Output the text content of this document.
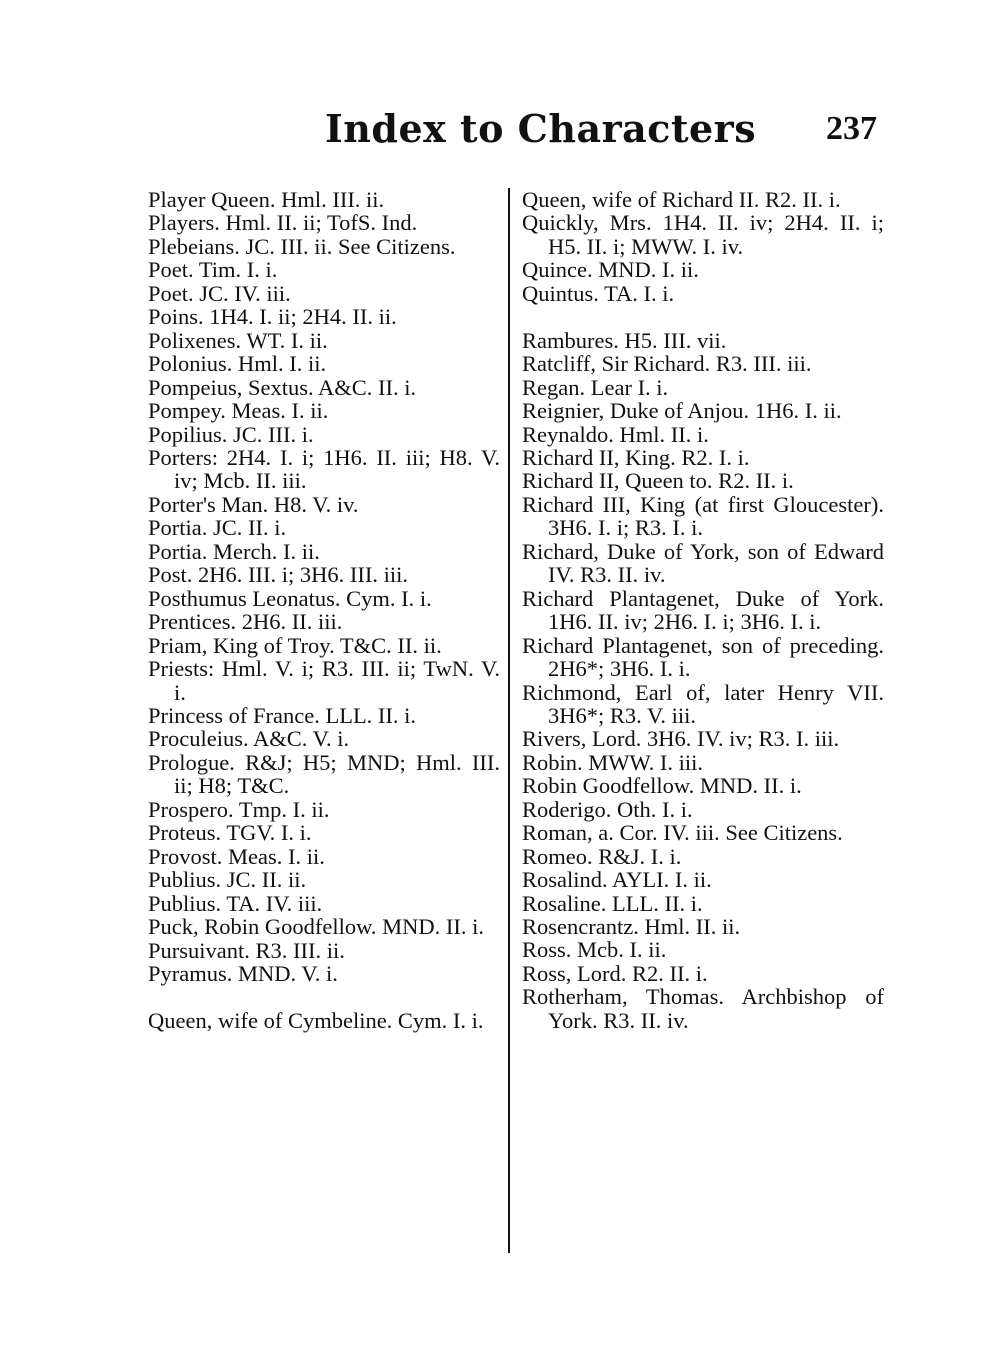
Index to Characters 237
Player Queen. Hml. III. ii.
Players. Hml. II. ii; TofS. Ind.
Plebeians. JC. III. ii. See Citizens.
Poet. Tim. I. i.
Poet. JC. IV. iii.
Poins. 1H4. I. ii; 2H4. II. ii.
Polixenes. WT. I. ii.
Polonius. Hml. I. ii.
Pompeius, Sextus. A&C. II. i.
Pompey. Meas. I. ii.
Popilius. JC. III. i.
Porters: 2H4. I. i; 1H6. II. iii; H8. V. iv; Mcb. II. iii.
Porter's Man. H8. V. iv.
Portia. JC. II. i.
Portia. Merch. I. ii.
Post. 2H6. III. i; 3H6. III. iii.
Posthumus Leonatus. Cym. I. i.
Prentices. 2H6. II. iii.
Priam, King of Troy. T&C. II. ii.
Priests: Hml. V. i; R3. III. ii; TwN. V. i.
Princess of France. LLL. II. i.
Proculeius. A&C. V. i.
Prologue. R&J; H5; MND; Hml. III. ii; H8; T&C.
Prospero. Tmp. I. ii.
Proteus. TGV. I. i.
Provost. Meas. I. ii.
Publius. JC. II. ii.
Publius. TA. IV. iii.
Puck, Robin Goodfellow. MND. II. i.
Pursuivant. R3. III. ii.
Pyramus. MND. V. i.
Queen, wife of Cymbeline. Cym. I. i.
Queen, wife of Richard II. R2. II. i.
Quickly, Mrs. 1H4. II. iv; 2H4. II. i; H5. II. i; MWW. I. iv.
Quince. MND. I. ii.
Quintus. TA. I. i.
Rambures. H5. III. vii.
Ratcliff, Sir Richard. R3. III. iii.
Regan. Lear I. i.
Reignier, Duke of Anjou. 1H6. I. ii.
Reynaldo. Hml. II. i.
Richard II, King. R2. I. i.
Richard II, Queen to. R2. II. i.
Richard III, King (at first Gloucester). 3H6. I. i; R3. I. i.
Richard, Duke of York, son of Edward IV. R3. II. iv.
Richard Plantagenet, Duke of York. 1H6. II. iv; 2H6. I. i; 3H6. I. i.
Richard Plantagenet, son of preceding. 2H6*; 3H6. I. i.
Richmond, Earl of, later Henry VII. 3H6*; R3. V. iii.
Rivers, Lord. 3H6. IV. iv; R3. I. iii.
Robin. MWW. I. iii.
Robin Goodfellow. MND. II. i.
Roderigo. Oth. I. i.
Roman, a. Cor. IV. iii. See Citizens.
Romeo. R&J. I. i.
Rosalind. AYLI. I. ii.
Rosaline. LLL. II. i.
Rosencrantz. Hml. II. ii.
Ross. Mcb. I. ii.
Ross, Lord. R2. II. i.
Rotherham, Thomas. Archbishop of York. R3. II. iv.
